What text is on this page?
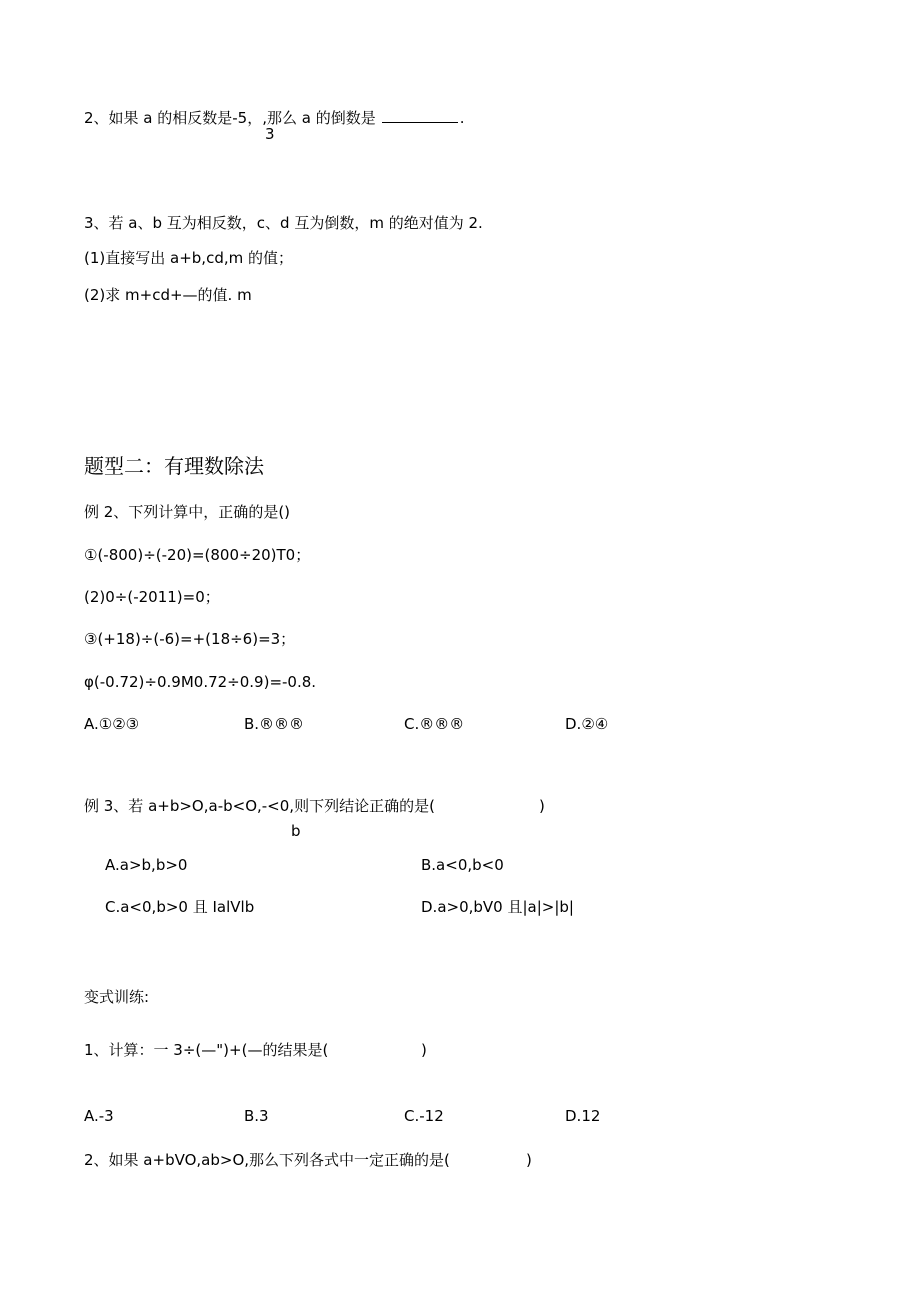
2、如果 a 的相反数是-5，,那么 a 的倒数是	.
3
3、若 a、b 互为相反数，c、d 互为倒数，m 的绝对值为 2.
(1)直接写出 a+b,cd,m 的值；
(2)求 m+cd+—的值. m
题型二：有理数除法
例 2、下列计算中，正确的是()
①(-800)÷(-20)=(800÷20)T0；
(2)0÷(-2011)=0；
③(+18)÷(-6)=+(18÷6)=3；
φ(-0.72)÷0.9M0.72÷0.9)=-0.8.
A.①②③	B.®®®	C.®®®	D.②④
例 3、若 a+b>O,a-b<O,-<0,则下列结论正确的是(	)
b
A.a>b,b>0	B.a<0,b<0
C.a<0,b>0 且 IalVlb	D.a>0,bV0 且|a|>|b|
变式训练:
1、计算：一 3÷(—")+(—的结果是(	)
A.-3	B.3	C.-12	D.12
2、如果 a+bVO,ab>O,那么下列各式中一定正确的是(	)
